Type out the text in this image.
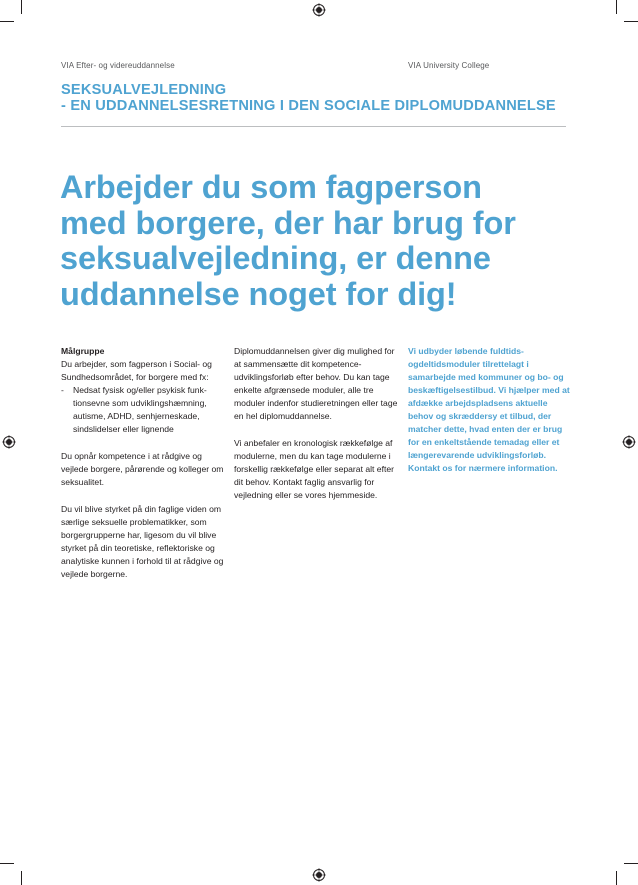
VIA Efter- og videreuddannelse	VIA University College
SEKSUALVEJLEDNING
- EN UDDANNELSESRETNING I DEN SOCIALE DIPLOMUDDANNELSE
Arbejder du som fagperson
med borgere, der har brug for
seksualvejledning, er denne
uddannelse noget for dig!

Målgruppe

Du arbejder, som fagperson i Social- og Sundhedsområdet, for borgere med fx:

- Nedsat fysisk og/eller psykisk funktionsevne som udviklingshæmning, autisme, ADHD, senhjerneskade, sindslidelser eller lignende

Du opnår kompetence i at rådgive og vejlede borgere, pårørende og kolleger om seksualitet.

Du vil blive styrket på din faglige viden om særlige seksuelle problematikker, som borgergrupperne har, ligesom du vil blive styrket på din teoretiske, reflektoriske og analytiske kunnen i forhold til at rådgive og vejlede borgerne.

Diplomuddannelsen giver dig mulighed for at sammensætte dit kompetenceudviklingsforløb efter behov. Du kan tage enkelte afgrænsede moduler, alle tre moduler indenfor studieretningen eller tage en hel diplomuddannelse.

Vi anbefaler en kronologisk rækkefølge af modulerne, men du kan tage modulerne i forskellig rækkefølge eller separat alt efter dit behov. Kontakt faglig ansvarlig for vejledning eller se vores hjemmeside.

Vi udbyder løbende fuldtids- ogdeltidsmoduler tilrettelagt i samarbejde med kommuner og bo- og beskæftigelsestilbud. Vi hjælper med at afdække arbejdspladsens aktuelle behov og skræddersy et tilbud, der matcher dette, hvad enten der er brug for en enkeltstående temadag eller et længerevarende udviklingsforløb. Kontakt os for nærmere information.
